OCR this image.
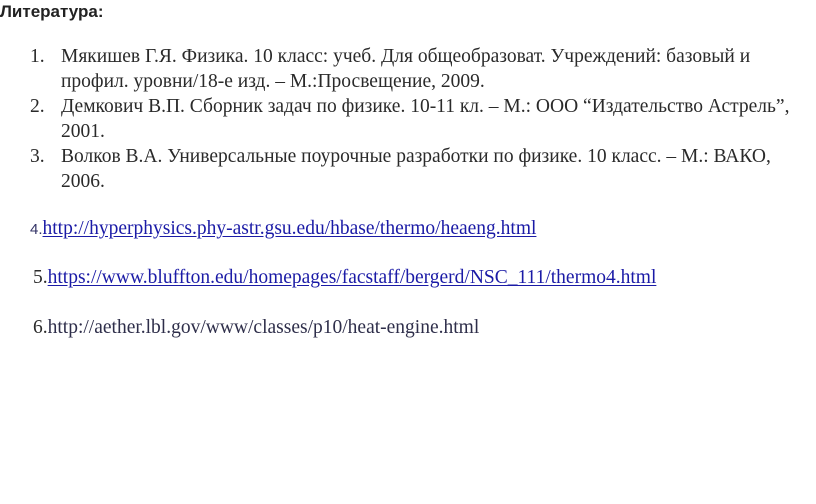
Литература:
1. Мякишев Г.Я. Физика. 10 класс: учеб. Для общеобразоват. Учреждений: базовый и профил. уровни/18-е изд. – М.:Просвещение, 2009.
2. Демкович В.П. Сборник задач по физике. 10-11 кл. – М.: ООО “Издательство Астрель”, 2001.
3. Волков В.А. Универсальные поурочные разработки по физике. 10 класс. – М.: ВАКО, 2006.
4.http://hyperphysics.phy-astr.gsu.edu/hbase/thermo/heaeng.html
5.https://www.bluffton.edu/homepages/facstaff/bergerd/NSC_111/thermo4.html
6.http://aether.lbl.gov/www/classes/p10/heat-engine.html
